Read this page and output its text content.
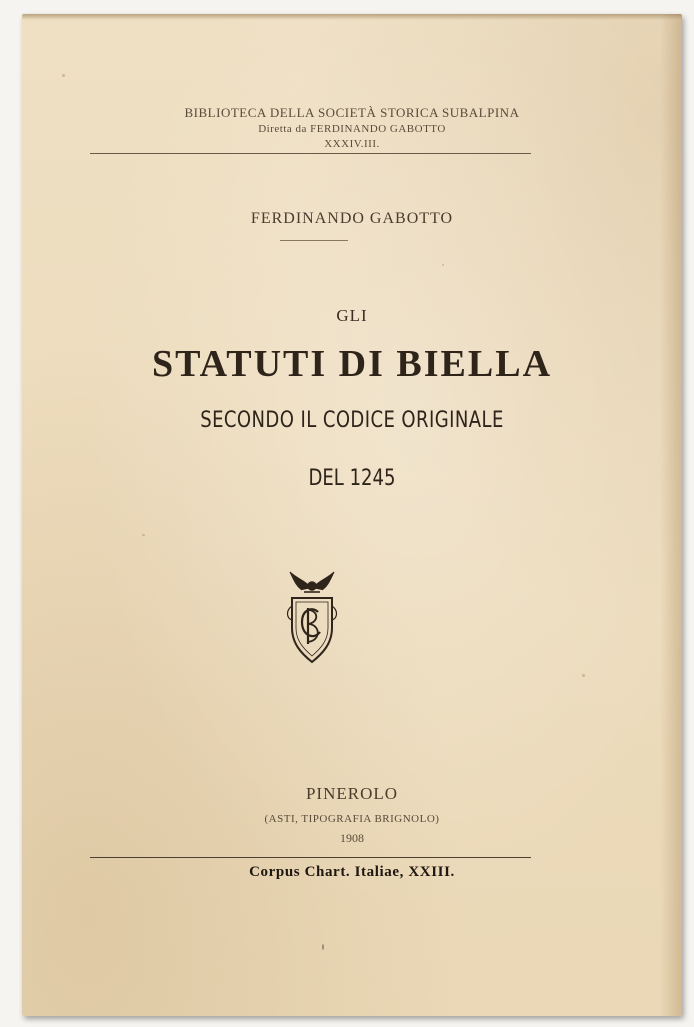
BIBLIOTECA DELLA SOCIETÀ STORICA SUBALPINA
Diretta da FERDINANDO GABOTTO
XXXIV.III.
FERDINANDO GABOTTO
GLI
STATUTI DI BIELLA
SECONDO IL CODICE ORIGINALE
DEL 1245
PINEROLO
(ASTI, TIPOGRAFIA BRIGNOLO)
1908
Corpus Chart. Italiae, XXIII.
